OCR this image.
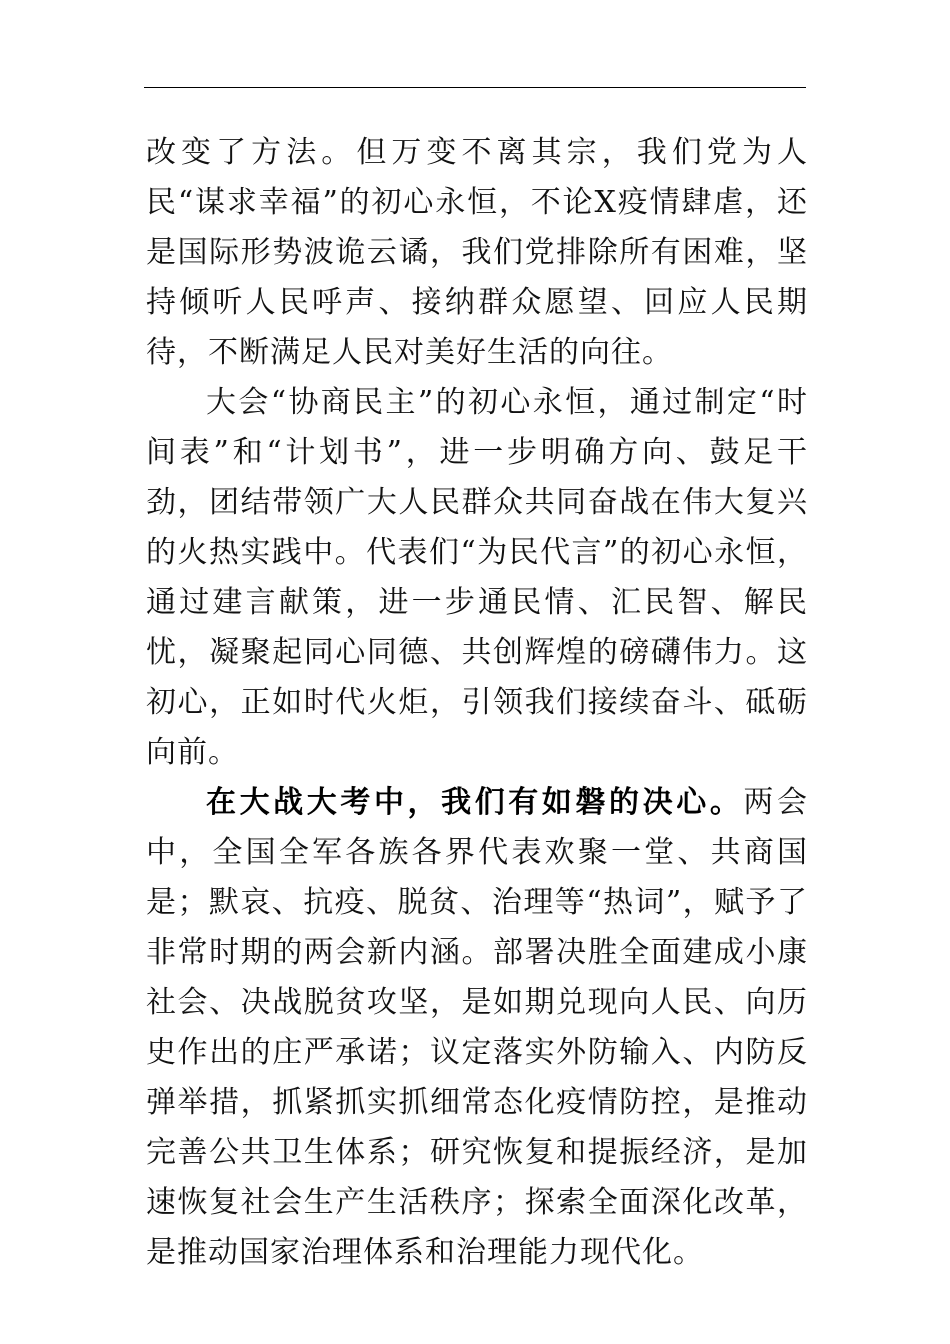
改变了方法。但万变不离其宗，我们党为人民“谋求幸福”的初心永恒，不论X疫情肆虐，还是国际形势波诡云谲，我们党排除所有困难，坚持倾听人民呼声、接纳群众愿望、回应人民期待，不断满足人民对美好生活的向往。

大会“协商民主”的初心永恒，通过制定“时间表”和“计划书”，进一步明确方向、鼓足干劲，团结带领广大人民群众共同奋战在伟大复兴的火热实践中。代表们“为民代言”的初心永恒，通过建言献策，进一步通民情、汇民智、解民忧，凝聚起同心同德、共创辉煌的磅礴伟力。这初心，正如时代火炬，引领我们接续奋斗、砥砺向前。

在大战大考中，我们有如磐的决心。两会中，全国全军各族各界代表欢聚一堂、共商国是；默哀、抗疫、脱贫、治理等“热词”，赋予了非常时期的两会新内涵。部署决胜全面建成小康社会、决战脱贫攻坚，是如期兑现向人民、向历史作出的庄严承诺；议定落实外防输入、内防反弹举措，抓紧抓实抓细常态化疫情防控，是推动完善公共卫生体系；研究恢复和提振经济，是加速恢复社会生产生活秩序；探索全面深化改革，是推动国家治理体系和治理能力现代化。
